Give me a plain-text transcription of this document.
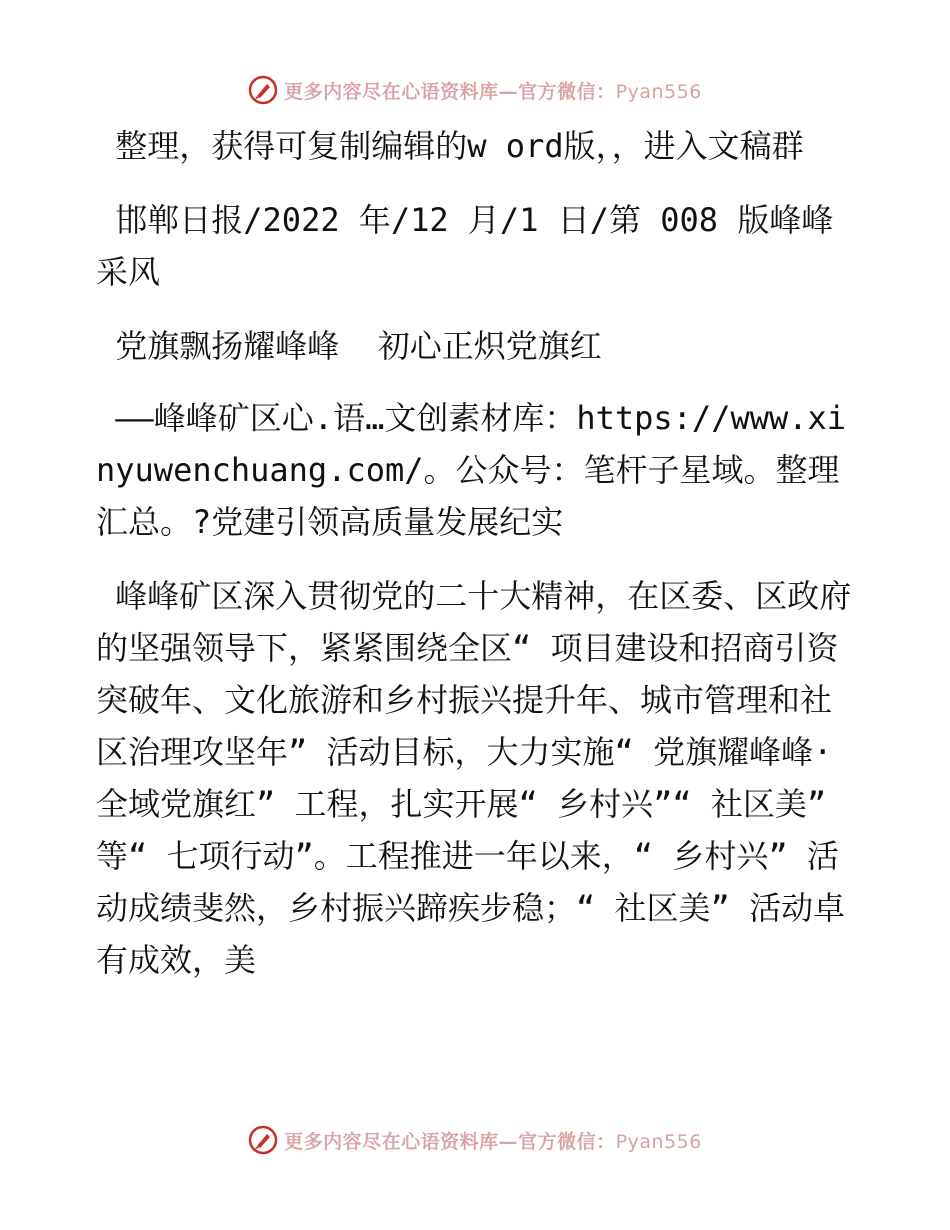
更多内容尽在心语资料库—官方微信：Pyan556

整理，获得可复制编辑的w ord版，，进入文稿群

邯郸日报/2022 年/12 月/1 日/第 008 版峰峰采风

党旗飘扬耀峰峰  初心正炽党旗红

——峰峰矿区心.语…文创素材库：https://www.xinyuwenchuang.com/。公众号：笔杆子星域。整理汇总。?党建引领高质量发展纪实

峰峰矿区深入贯彻党的二十大精神，在区委、区政府的坚强领导下，紧紧围绕全区“ 项目建设和招商引资突破年、文化旅游和乡村振兴提升年、城市管理和社区治理攻坚年” 活动目标，大力实施“ 党旗耀峰峰· 全域党旗红” 工程，扎实开展“ 乡村兴”“ 社区美” 等“ 七项行动”。工程推进一年以来，“ 乡村兴” 活动成绩斐然，乡村振兴蹄疾步稳；“ 社区美” 活动卓有成效，美

更多内容尽在心语资料库—官方微信：Pyan556
